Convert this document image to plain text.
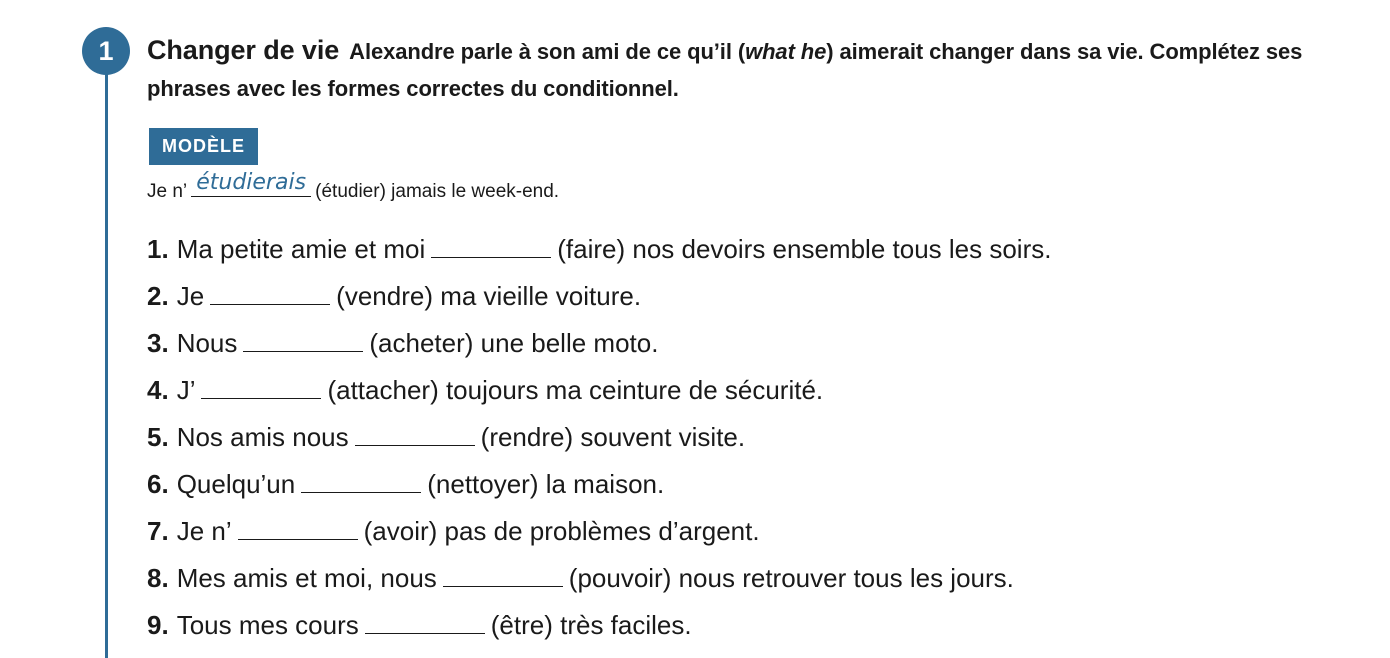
1	Changer de vie Alexandre parle à son ami de ce qu’il (what he) aimerait changer dans sa vie. Complétez ses phrases avec les formes correctes du conditionnel.
MODÈLE
Je n’ étudierais (étudier) jamais le week-end.
1. Ma petite amie et moi	(faire) nos devoirs ensemble tous les soirs.
2. Je	(vendre) ma vieille voiture.
3. Nous	(acheter) une belle moto.
4. J’	(attacher) toujours ma ceinture de sécurité.
5. Nos amis nous	(rendre) souvent visite.
6. Quelqu’un	(nettoyer) la maison.
7. Je n’	(avoir) pas de problèmes d’argent.
8. Mes amis et moi, nous	(pouvoir) nous retrouver tous les jours.
9. Tous mes cours	(être) très faciles.
